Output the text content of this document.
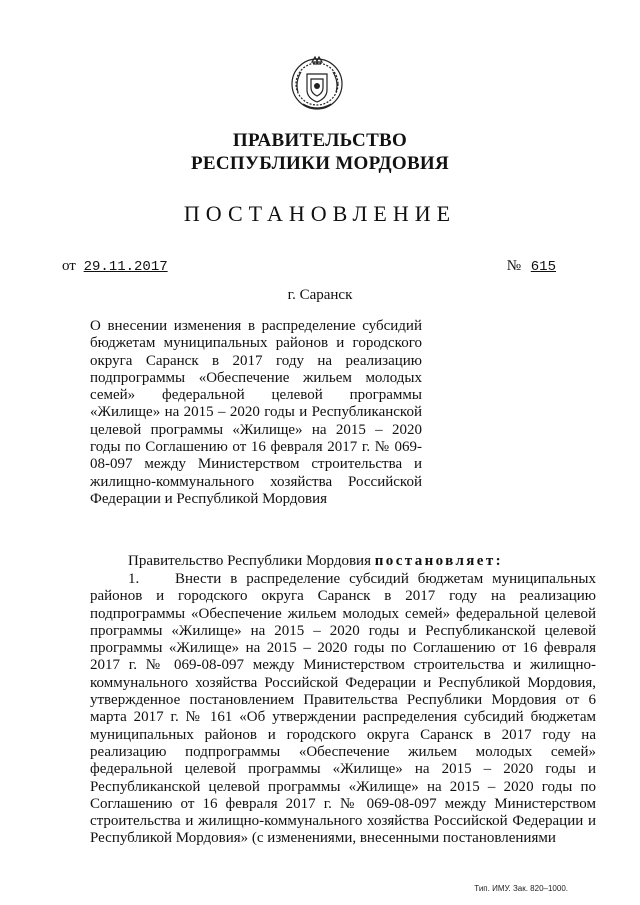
ПРАВИТЕЛЬСТВО
РЕСПУБЛИКИ МОРДОВИЯ
ПОСТАНОВЛЕНИЕ
от 29.11.2017	№ 615
г. Саранск
О внесении изменения в распределение субсидий бюджетам муниципальных районов и городского округа Саранск в 2017 году на реализацию подпрограммы «Обеспечение жильем молодых семей» федеральной целевой программы «Жилище» на 2015 – 2020 годы и Республиканской целевой программы «Жилище» на 2015 – 2020 годы по Соглашению от 16 февраля 2017 г. № 069-08-097 между Министерством строительства и жилищно-коммунального хозяйства Российской Федерации и Республикой Мордовия
Правительство Республики Мордовия постановляет:
1.    Внести в распределение субсидий бюджетам муниципальных районов и городского округа Саранск в 2017 году на реализацию подпрограммы «Обеспечение жильем молодых семей» федеральной целевой программы «Жилище» на 2015 – 2020 годы и Республиканской целевой программы «Жилище» на 2015 – 2020 годы по Соглашению от 16 февраля 2017 г. № 069-08-097 между Министерством строительства и жилищно-коммунального хозяйства Российской Федерации и Республикой Мордовия, утвержденное постановлением Правительства Республики Мордовия от 6 марта 2017 г. № 161 «Об утверждении распределения субсидий бюджетам муниципальных районов и городского округа Саранск в 2017 году на реализацию подпрограммы «Обеспечение жильем молодых семей» федеральной целевой программы «Жилище» на 2015 – 2020 годы и Республиканской целевой программы «Жилище» на 2015 – 2020 годы по Соглашению от 16 февраля 2017 г. № 069-08-097 между Министерством строительства и жилищно-коммунального хозяйства Российской Федерации и Республикой Мордовия» (с изменениями, внесенными постановлениями
Тип. ИМУ. Зак. 820–1000.
